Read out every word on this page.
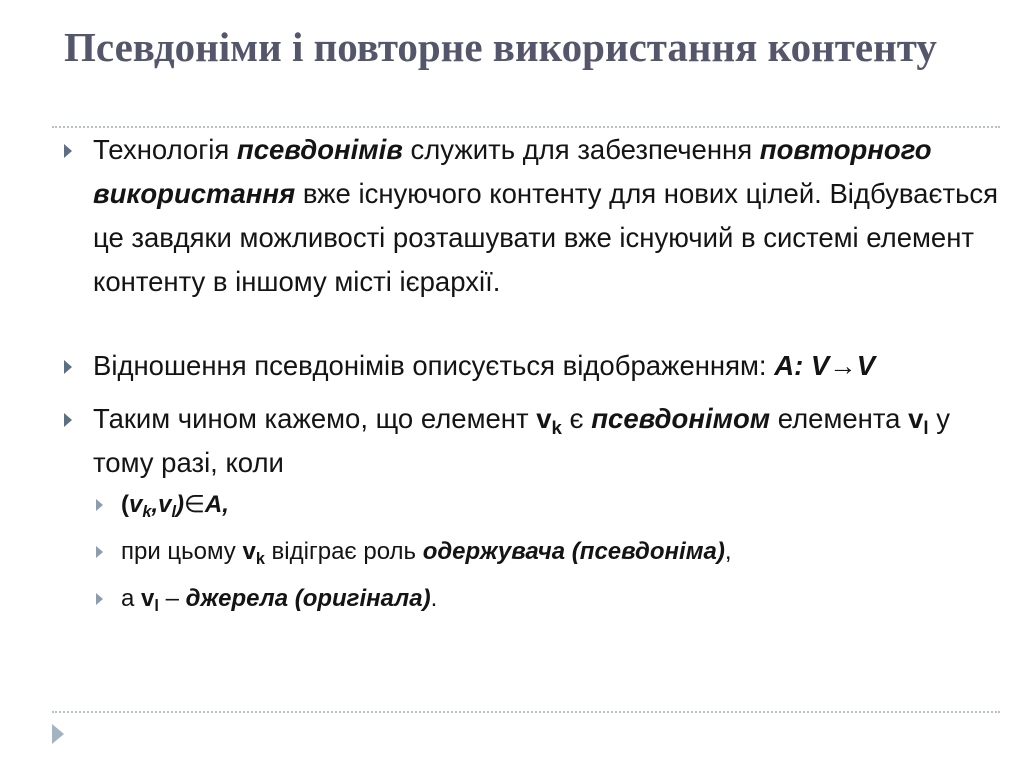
Псевдоніми і повторне використання контенту
Технологія псевдонімів служить для забезпечення повторного використання вже існуючого контенту для нових цілей. Відбувається це завдяки можливості розташувати вже існуючий в системі елемент контенту в іншому місті ієрархії.
Відношення псевдонімів описується відображенням: A: V→V
Таким чином кажемо, що елемент $v_k$ є псевдонімом елемента $v_l$ у тому разі, коли
$(v_k,v_l)\in A$,
при цьому $v_k$ відіграє роль одержувача (псевдоніма),
а $v_l$ – джерела (оригінала).
